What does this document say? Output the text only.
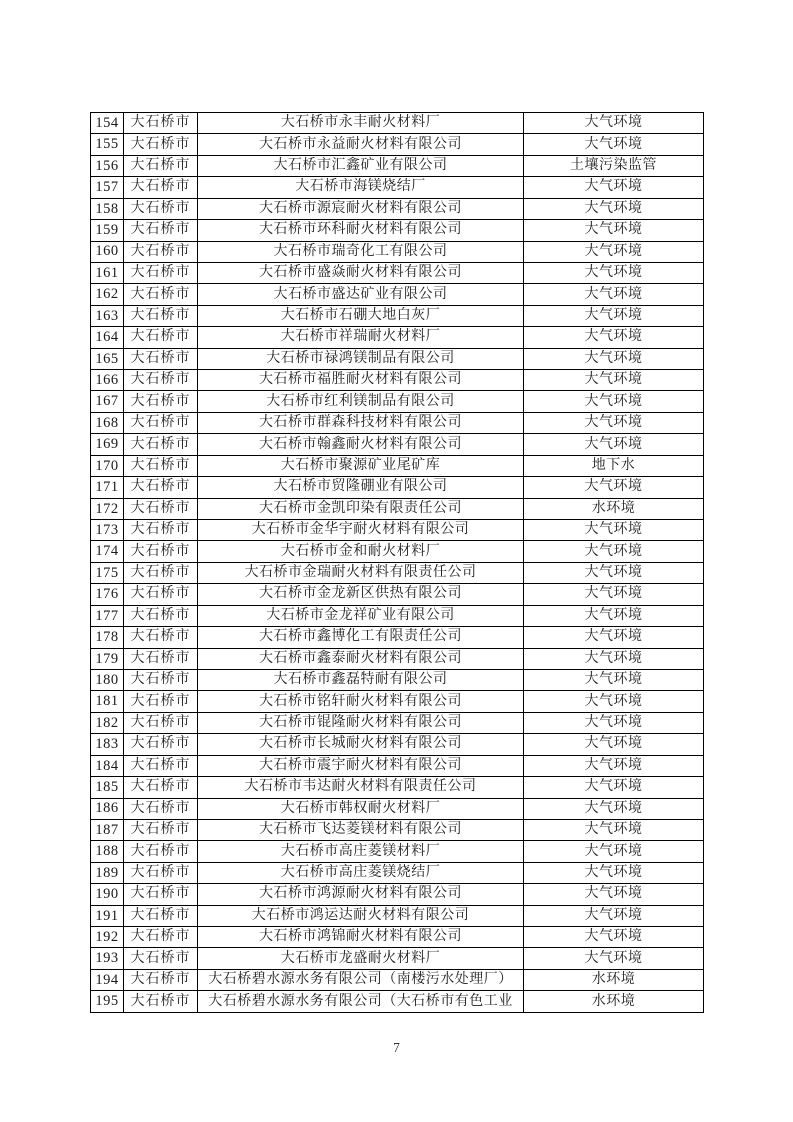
154	大石桥市	大石桥市永丰耐火材料厂	大气环境
155	大石桥市	大石桥市永益耐火材料有限公司	大气环境
156	大石桥市	大石桥市汇鑫矿业有限公司	土壤污染监管
157	大石桥市	大石桥市海镁烧结厂	大气环境
158	大石桥市	大石桥市源宸耐火材料有限公司	大气环境
159	大石桥市	大石桥市环科耐火材料有限公司	大气环境
160	大石桥市	大石桥市瑞奇化工有限公司	大气环境
161	大石桥市	大石桥市盛焱耐火材料有限公司	大气环境
162	大石桥市	大石桥市盛达矿业有限公司	大气环境
163	大石桥市	大石桥市石硼大地白灰厂	大气环境
164	大石桥市	大石桥市祥瑞耐火材料厂	大气环境
165	大石桥市	大石桥市禄鸿镁制品有限公司	大气环境
166	大石桥市	大石桥市福胜耐火材料有限公司	大气环境
167	大石桥市	大石桥市红利镁制品有限公司	大气环境
168	大石桥市	大石桥市群森科技材料有限公司	大气环境
169	大石桥市	大石桥市翰鑫耐火材料有限公司	大气环境
170	大石桥市	大石桥市聚源矿业尾矿库	地下水
171	大石桥市	大石桥市贸隆硼业有限公司	大气环境
172	大石桥市	大石桥市金凯印染有限责任公司	水环境
173	大石桥市	大石桥市金华宇耐火材料有限公司	大气环境
174	大石桥市	大石桥市金和耐火材料厂	大气环境
175	大石桥市	大石桥市金瑞耐火材料有限责任公司	大气环境
176	大石桥市	大石桥市金龙新区供热有限公司	大气环境
177	大石桥市	大石桥市金龙祥矿业有限公司	大气环境
178	大石桥市	大石桥市鑫博化工有限责任公司	大气环境
179	大石桥市	大石桥市鑫泰耐火材料有限公司	大气环境
180	大石桥市	大石桥市鑫磊特耐有限公司	大气环境
181	大石桥市	大石桥市铭轩耐火材料有限公司	大气环境
182	大石桥市	大石桥市锟隆耐火材料有限公司	大气环境
183	大石桥市	大石桥市长城耐火材料有限公司	大气环境
184	大石桥市	大石桥市震宇耐火材料有限公司	大气环境
185	大石桥市	大石桥市韦达耐火材料有限责任公司	大气环境
186	大石桥市	大石桥市韩权耐火材料厂	大气环境
187	大石桥市	大石桥市飞达菱镁材料有限公司	大气环境
188	大石桥市	大石桥市高庄菱镁材料厂	大气环境
189	大石桥市	大石桥市高庄菱镁烧结厂	大气环境
190	大石桥市	大石桥市鸿源耐火材料有限公司	大气环境
191	大石桥市	大石桥市鸿运达耐火材料有限公司	大气环境
192	大石桥市	大石桥市鸿锦耐火材料有限公司	大气环境
193	大石桥市	大石桥市龙盛耐火材料厂	大气环境
194	大石桥市	大石桥碧水源水务有限公司（南楼污水处理厂）	水环境
195	大石桥市	大石桥碧水源水务有限公司（大石桥市有色工业	水环境
7
